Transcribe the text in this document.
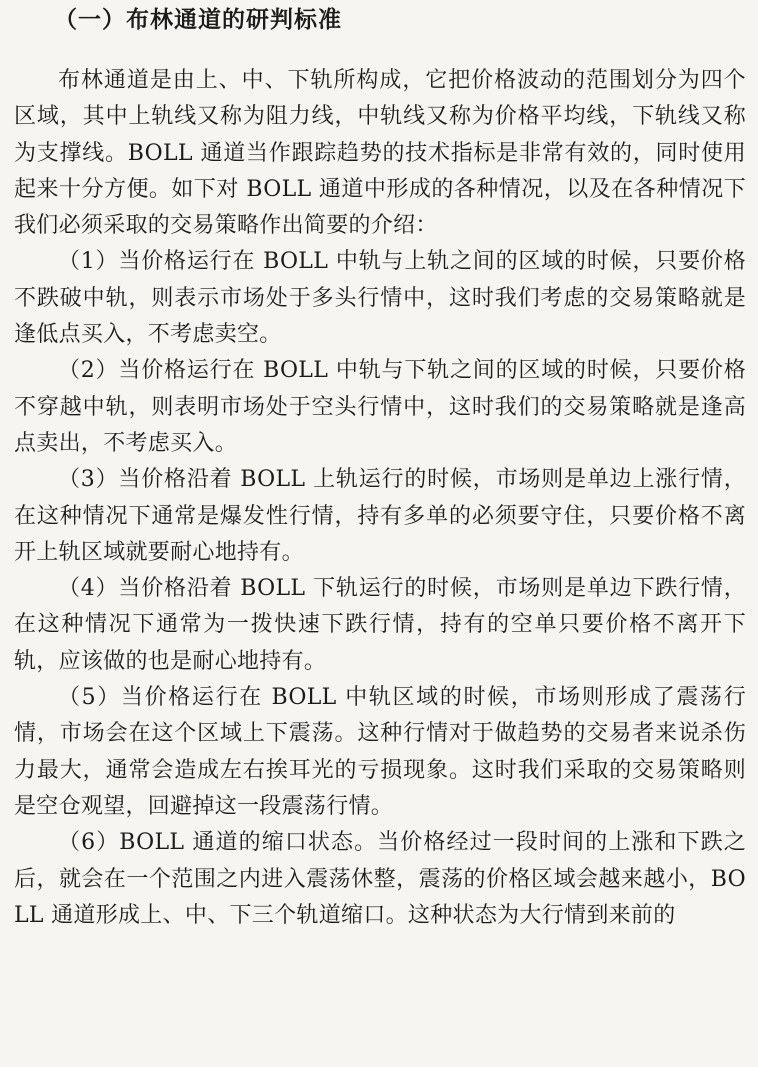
（一）布林通道的研判标准

布林通道是由上、中、下轨所构成，它把价格波动的范围划分为四个区域，其中上轨线又称为阻力线，中轨线又称为价格平均线，下轨线又称为支撑线。BOLL 通道当作跟踪趋势的技术指标是非常有效的，同时使用起来十分方便。如下对 BOLL 通道中形成的各种情况，以及在各种情况下我们必须采取的交易策略作出简要的介绍：

（1）当价格运行在 BOLL 中轨与上轨之间的区域的时候，只要价格不跌破中轨，则表示市场处于多头行情中，这时我们考虑的交易策略就是逢低点买入，不考虑卖空。

（2）当价格运行在 BOLL 中轨与下轨之间的区域的时候，只要价格不穿越中轨，则表明市场处于空头行情中，这时我们的交易策略就是逢高点卖出，不考虑买入。

（3）当价格沿着 BOLL 上轨运行的时候，市场则是单边上涨行情，在这种情况下通常是爆发性行情，持有多单的必须要守住，只要价格不离开上轨区域就要耐心地持有。

（4）当价格沿着 BOLL 下轨运行的时候，市场则是单边下跌行情，在这种情况下通常为一拨快速下跌行情，持有的空单只要价格不离开下轨，应该做的也是耐心地持有。

（5）当价格运行在 BOLL 中轨区域的时候，市场则形成了震荡行情，市场会在这个区域上下震荡。这种行情对于做趋势的交易者来说杀伤力最大，通常会造成左右挨耳光的亏损现象。这时我们采取的交易策略则是空仓观望，回避掉这一段震荡行情。

（6）BOLL 通道的缩口状态。当价格经过一段时间的上涨和下跌之后，就会在一个范围之内进入震荡休整，震荡的价格区域会越来越小，BOLL 通道形成上、中、下三个轨道缩口。这种状态为大行情到来前的
